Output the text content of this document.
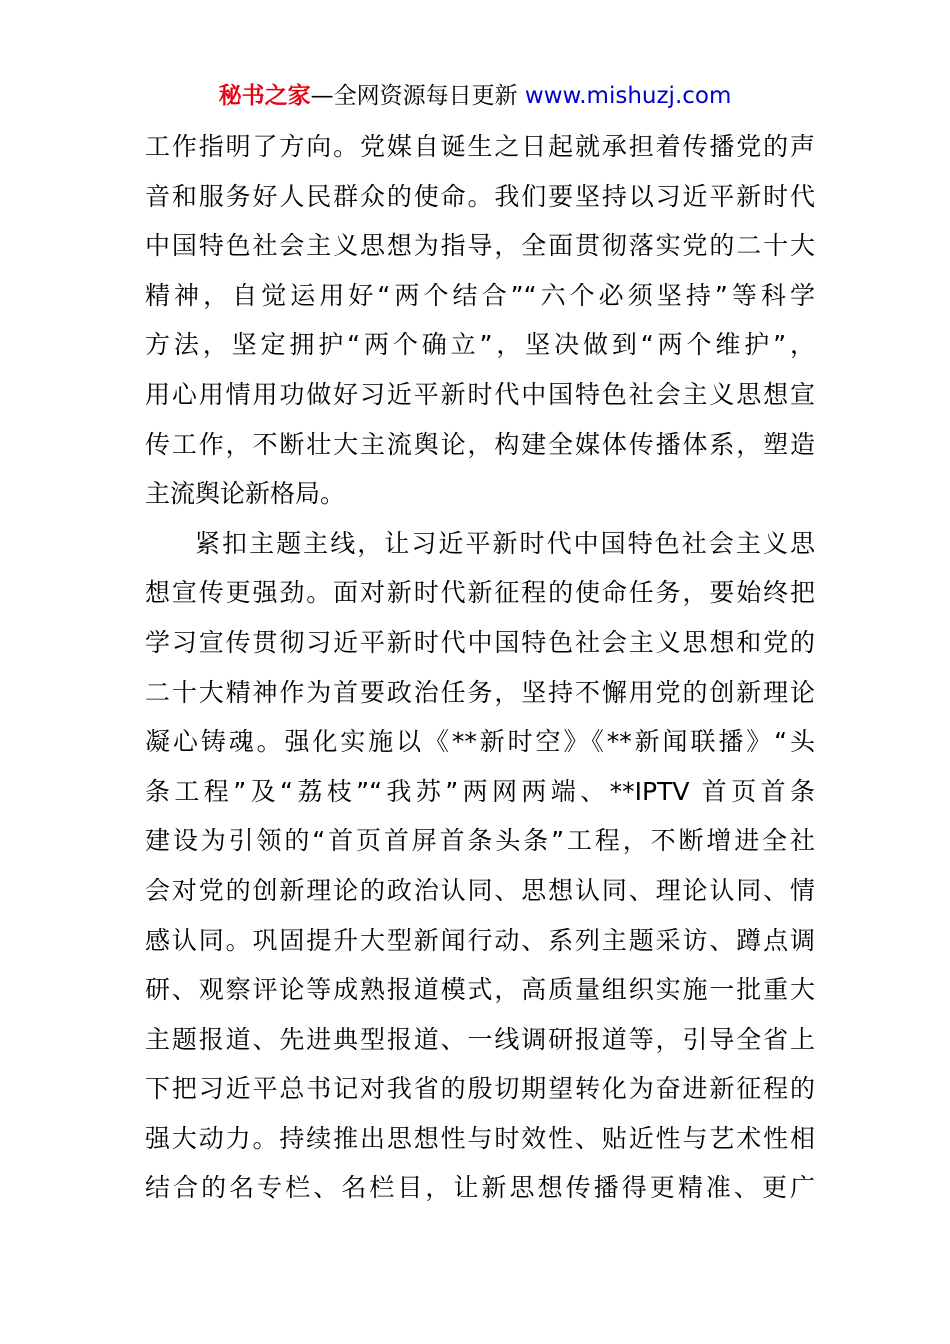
秘书之家—全网资源每日更新 www.mishuzj.com
工作指明了方向。党媒自诞生之日起就承担着传播党的声
音和服务好人民群众的使命。我们要坚持以习近平新时代
中国特色社会主义思想为指导，全面贯彻落实党的二十大
精神，自觉运用好“两个结合”“六个必须坚持”等科学
方法，坚定拥护“两个确立”，坚决做到“两个维护”，
用心用情用功做好习近平新时代中国特色社会主义思想宣
传工作，不断壮大主流舆论，构建全媒体传播体系，塑造
主流舆论新格局。
紧扣主题主线，让习近平新时代中国特色社会主义思
想宣传更强劲。面对新时代新征程的使命任务，要始终把
学习宣传贯彻习近平新时代中国特色社会主义思想和党的
二十大精神作为首要政治任务，坚持不懈用党的创新理论
凝心铸魂。强化实施以《**新时空》《**新闻联播》“头
条工程”及“荔枝”“我苏”两网两端、**IPTV 首页首条
建设为引领的“首页首屏首条头条”工程，不断增进全社
会对党的创新理论的政治认同、思想认同、理论认同、情
感认同。巩固提升大型新闻行动、系列主题采访、蹲点调
研、观察评论等成熟报道模式，高质量组织实施一批重大
主题报道、先进典型报道、一线调研报道等，引导全省上
下把习近平总书记对我省的殷切期望转化为奋进新征程的
强大动力。持续推出思想性与时效性、贴近性与艺术性相
结合的名专栏、名栏目，让新思想传播得更精准、更广
